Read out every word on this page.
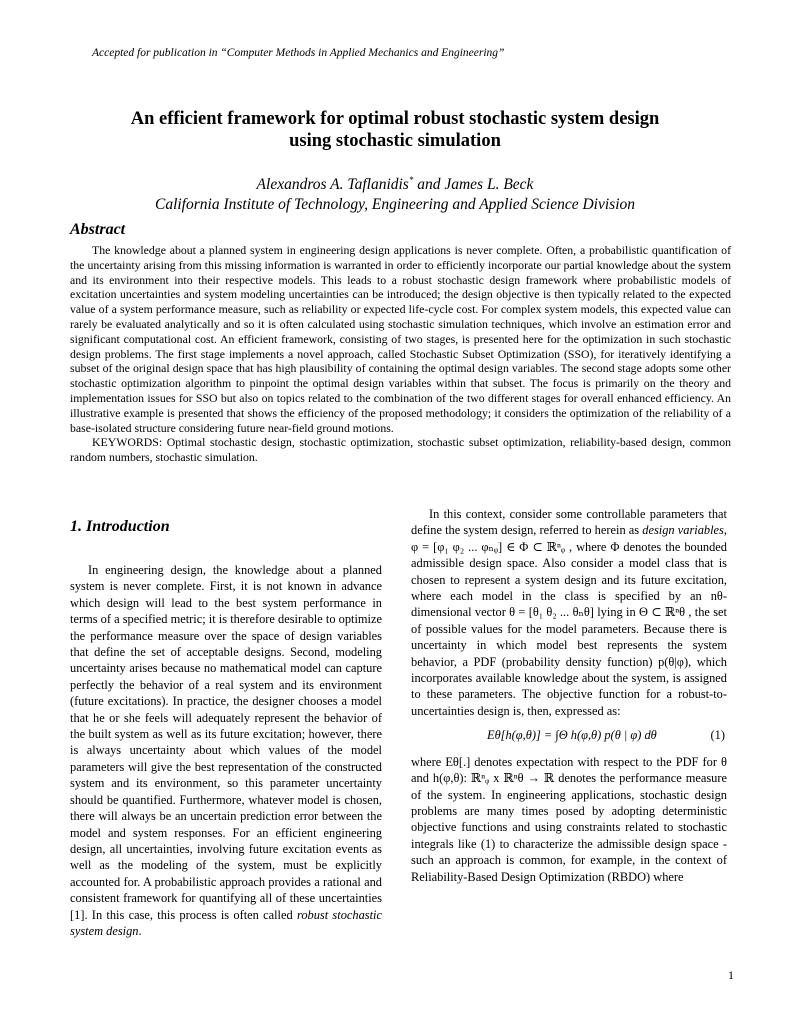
Accepted for publication in “Computer Methods in Applied Mechanics and Engineering”
An efficient framework for optimal robust stochastic system design
using stochastic simulation
Alexandros A. Taflanidis* and James L. Beck
California Institute of Technology, Engineering and Applied Science Division
Abstract

The knowledge about a planned system in engineering design applications is never complete. Often, a probabilistic quantification of the uncertainty arising from this missing information is warranted in order to efficiently incorporate our partial knowledge about the system and its environment into their respective models. This leads to a robust stochastic design framework where probabilistic models of excitation uncertainties and system modeling uncertainties can be introduced; the design objective is then typically related to the expected value of a system performance measure, such as reliability or expected life-cycle cost. For complex system models, this expected value can rarely be evaluated analytically and so it is often calculated using stochastic simulation techniques, which involve an estimation error and significant computational cost. An efficient framework, consisting of two stages, is presented here for the optimization in such stochastic design problems. The first stage implements a novel approach, called Stochastic Subset Optimization (SSO), for iteratively identifying a subset of the original design space that has high plausibility of containing the optimal design variables. The second stage adopts some other stochastic optimization algorithm to pinpoint the optimal design variables within that subset. The focus is primarily on the theory and implementation issues for SSO but also on topics related to the combination of the two different stages for overall enhanced efficiency. An illustrative example is presented that shows the efficiency of the proposed methodology; it considers the optimization of the reliability of a base-isolated structure considering future near-field ground motions.

KEYWORDS: Optimal stochastic design, stochastic optimization, stochastic subset optimization, reliability-based design, common random numbers, stochastic simulation.

1. Introduction

In engineering design, the knowledge about a planned system is never complete. First, it is not known in advance which design will lead to the best system performance in terms of a specified metric; it is therefore desirable to optimize the performance measure over the space of design variables that define the set of acceptable designs. Second, modeling uncertainty arises because no mathematical model can capture perfectly the behavior of a real system and its environment (future excitations). In practice, the designer chooses a model that he or she feels will adequately represent the behavior of the built system as well as its future excitation; however, there is always uncertainty about which values of the model parameters will give the best representation of the constructed system and its environment, so this parameter uncertainty should be quantified. Furthermore, whatever model is chosen, there will always be an uncertain prediction error between the model and system responses. For an efficient engineering design, all uncertainties, involving future excitation events as well as the modeling of the system, must be explicitly accounted for. A probabilistic approach provides a rational and consistent framework for quantifying all of these uncertainties [1]. In this case, this process is often called robust stochastic system design.

In this context, consider some controllable parameters that define the system design, referred to herein as design variables, φ = [φ₁ φ₂ ... φₙᵩ] ∈ Φ ⊂ ℝⁿᵩ , where Φ denotes the bounded admissible design space. Also consider a model class that is chosen to represent a system design and its future excitation, where each model in the class is specified by an nθ-dimensional vector θ = [θ₁ θ₂ ... θₙθ] lying in Θ ⊂ ℝⁿθ , the set of possible values for the model parameters. Because there is uncertainty in which model best represents the system behavior, a PDF (probability density function) p(θ|φ), which incorporates available knowledge about the system, is assigned to these parameters. The objective function for a robust-to-uncertainties design is, then, expressed as:

Eθ[h(φ,θ)] = ∫Θ h(φ,θ) p(θ | φ) dθ	(1)

where Eθ[.] denotes expectation with respect to the PDF for θ and h(φ,θ): ℝⁿᵩ x ℝⁿθ → ℝ denotes the performance measure of the system. In engineering applications, stochastic design problems are many times posed by adopting deterministic objective functions and using constraints related to stochastic integrals like (1) to characterize the admissible design space -such an approach is common, for example, in the context of Reliability-Based Design Optimization (RBDO) where

1
